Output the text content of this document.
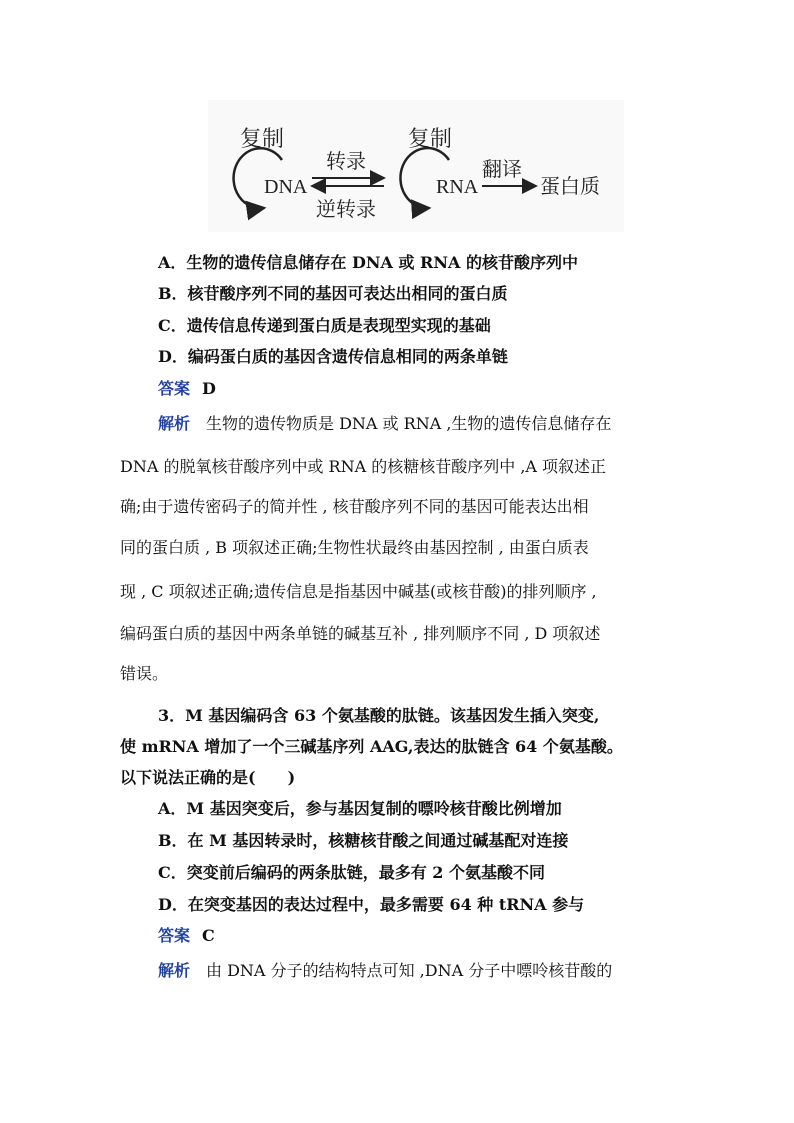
复制
DNA
转录
逆转录
复制
RNA
翻译
蛋白质
A．生物的遗传信息储存在 DNA 或 RNA 的核苷酸序列中
B．核苷酸序列不同的基因可表达出相同的蛋白质
C．遗传信息传递到蛋白质是表现型实现的基础
D．编码蛋白质的基因含遗传信息相同的两条单链
答案 D
解析 生物的遗传物质是 DNA 或 RNA ,生物的遗传信息储存在
DNA 的脱氧核苷酸序列中或 RNA 的核糖核苷酸序列中 ,A 项叙述正
确;由于遗传密码子的简并性 , 核苷酸序列不同的基因可能表达出相
同的蛋白质 , B 项叙述正确;生物性状最终由基因控制 , 由蛋白质表
现 , C 项叙述正确;遗传信息是指基因中碱基(或核苷酸)的排列顺序 ,
编码蛋白质的基因中两条单链的碱基互补 , 排列顺序不同 , D 项叙述
错误。
3．M 基因编码含 63 个氨基酸的肽链。该基因发生插入突变,
使 mRNA 增加了一个三碱基序列 AAG,表达的肽链含 64 个氨基酸。
以下说法正确的是(　　)
A．M 基因突变后，参与基因复制的嘌呤核苷酸比例增加
B．在 M 基因转录时，核糖核苷酸之间通过碱基配对连接
C．突变前后编码的两条肽链，最多有 2 个氨基酸不同
D．在突变基因的表达过程中，最多需要 64 种 tRNA 参与
答案 C
解析 由 DNA 分子的结构特点可知 ,DNA 分子中嘌呤核苷酸的
